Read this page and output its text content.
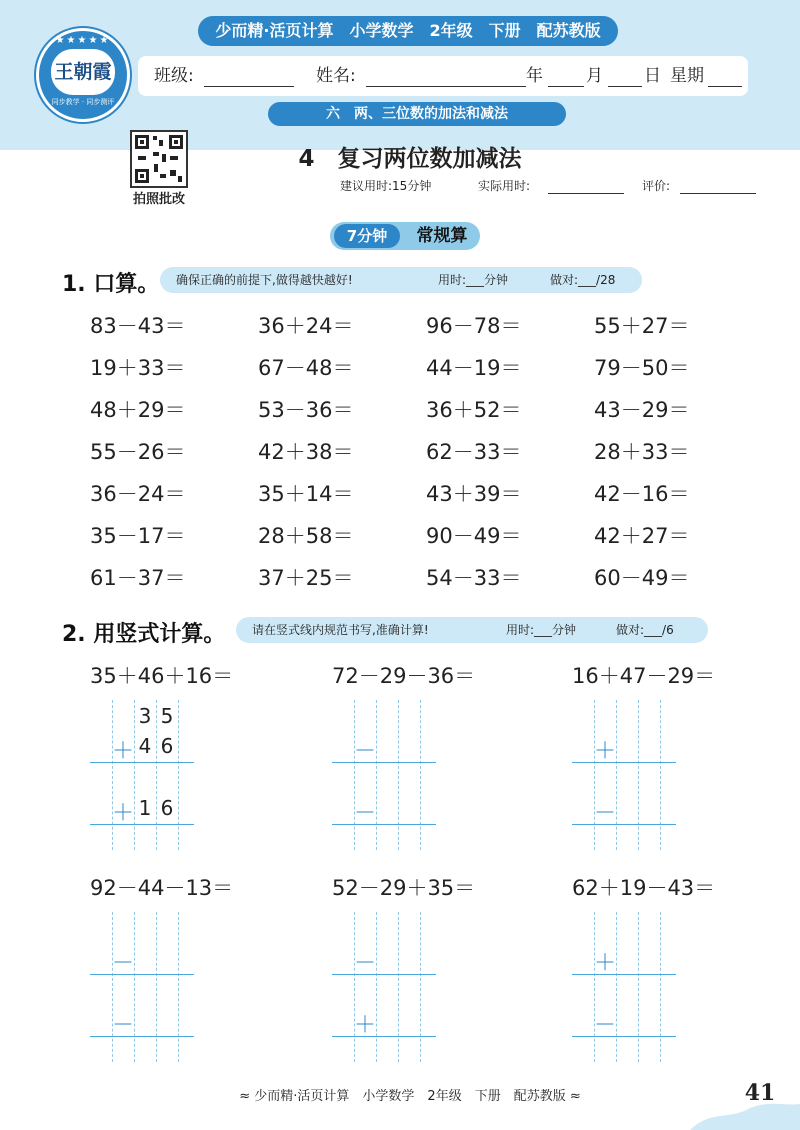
★★★★★
王朝霞
同步教学 · 同步测评
少而精·活页计算　小学数学　2年级　下册　配苏教版
班级:	姓名:	年	月 日 星期
六　两、三位数的加法和减法
拍照批改
4　复习两位数加减法
建议用时:15分钟	实际用时:	评价:
7分钟	常规算
1. 口算。 确保正确的前提下,做得越快越好!	用时:___分钟	做对:___/28
83－43＝	36＋24＝	96－78＝	55＋27＝
19＋33＝	67－48＝	44－19＝	79－50＝
48＋29＝	53－36＝	36＋52＝	43－29＝
55－26＝	42＋38＝	62－33＝	28＋33＝
36－24＝	35＋14＝	43＋39＝	42－16＝
35－17＝	28＋58＝	90－49＝	42＋27＝
61－37＝	37＋25＝	54－33＝	60－49＝
2. 用竖式计算。 请在竖式线内规范书写,准确计算!	用时:___分钟	做对:___/6
35＋46＋16＝
＋
＋
3 5
4 6
1 6
72－29－36＝
－
－
16＋47－29＝
＋
－
92－44－13＝
－
－
52－29＋35＝
－
＋
62＋19－43＝
＋
－
≈ 少而精·活页计算　小学数学　2年级　下册　配苏教版 ≈	41
